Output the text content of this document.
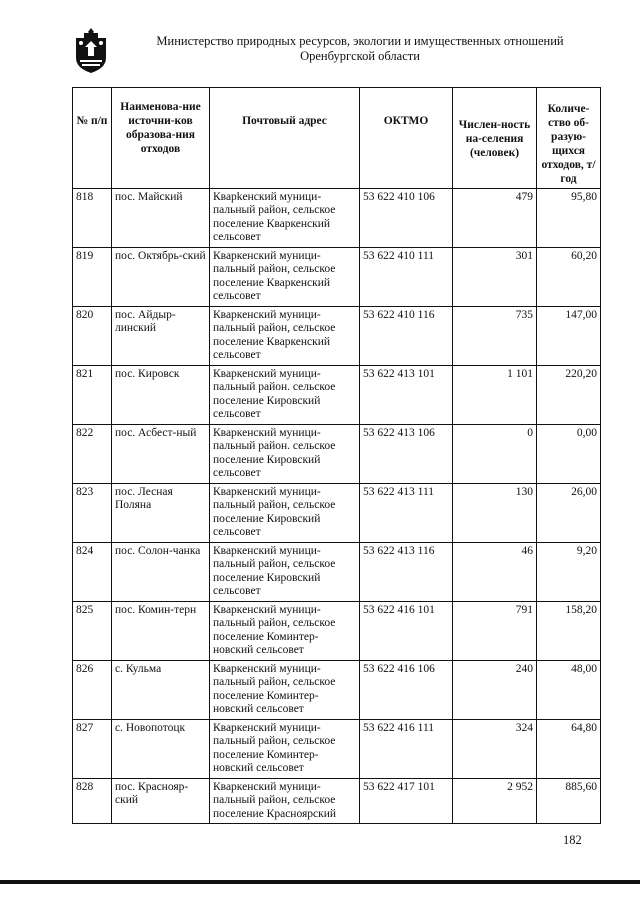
Министерство природных ресурсов, экологии и имущественных отношений
Оренбургской области
№ п/п	Наименова-ние источни-ков образова-ния отходов	Почтовый адрес	ОКТМО	Числен-ность на-селения (человек)	Количе-ство об-разую-щихся отходов, т/год
818	пос. Майский	Кварkенский муници-пальный район, сельское поселение Кваркенский сельсовет	53 622 410 106	479	95,80
819	пос. Октябрь-ский	Кваркенский муници-пальный район, сельское поселение Кваркенский сельсовет	53 622 410 111	301	60,20
820	пос. Айдыр-линский	Кваркенский муници-пальный район, сельское поселение Кваркенский сельсовет	53 622 410 116	735	147,00
821	пос. Кировск	Кваркенский муници-пальный район. сельское поселение Кировский сельсовет	53 622 413 101	1 101	220,20
822	пос. Асбест-ный	Кваркенский муници-пальный район. сельское поселение Кировский сельсовет	53 622 413 106	0	0,00
823	пос. Лесная Поляна	Кваркенский муници-пальный район, сельское поселение Кировский сельсовет	53 622 413 111	130	26,00
824	пос. Солон-чанка	Кваркенский муници-пальный район, сельское поселение Кировский сельсовет	53 622 413 116	46	9,20
825	пос. Комин-терн	Кваркенский муници-пальный район, сельское поселение Коминтер-новский сельсовет	53 622 416 101	791	158,20
826	с. Кульма	Кваркенский муници-пальный район, сельское поселение Коминтер-новский сельсовет	53 622 416 106	240	48,00
827	с. Новопотоцк	Кваркенский муници-пальный район, сельское поселение Коминтер-новский сельсовет	53 622 416 111	324	64,80
828	пос. Краснояр-ский	Кваркенский муници-пальный район, сельское поселение Красноярский	53 622 417 101	2 952	885,60
182
